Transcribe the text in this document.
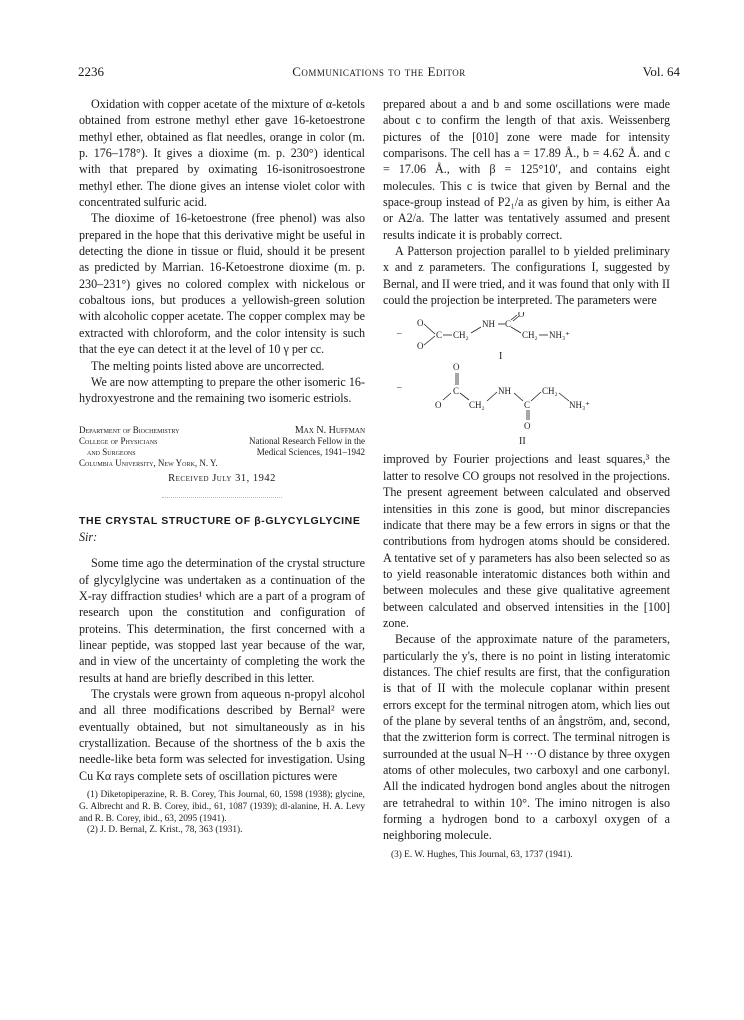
2236	Communications to the Editor	Vol. 64

Oxidation with copper acetate of the mixture of α-ketols obtained from estrone methyl ether gave 16-ketoestrone methyl ether, obtained as flat needles, orange in color (m. p. 176–178°). It gives a dioxime (m. p. 230°) identical with that prepared by oximating 16-isonitrosoestrone methyl ether. The dione gives an intense violet color with concentrated sulfuric acid.

The dioxime of 16-ketoestrone (free phenol) was also prepared in the hope that this derivative might be useful in detecting the dione in tissue or fluid, should it be present as predicted by Marrian. 16-Ketoestrone dioxime (m. p. 230–231°) gives no colored complex with nickelous or cobaltous ions, but produces a yellowish-green solution with alcoholic copper acetate. The copper complex may be extracted with chloroform, and the color intensity is such that the eye can detect it at the level of 10 γ per cc.

The melting points listed above are uncorrected.

We are now attempting to prepare the other isomeric 16-hydroxyestrone and the remaining two isomeric estriols.

Department of Biochemistry	Max N. Huffman
College of Physicians	National Research Fellow in the
and Surgeons	Medical Sciences, 1941–1942
Columbia University, New York, N. Y.
Received July 31, 1942
THE CRYSTAL STRUCTURE OF β-GLYCYLGLYCINE
Sir:

Some time ago the determination of the crystal structure of glycylglycine was undertaken as a continuation of the X-ray diffraction studies¹ which are a part of a program of research upon the constitution and configuration of proteins. This determination, the first concerned with a linear peptide, was stopped last year because of the war, and in view of the uncertainty of completing the work the results at hand are briefly described in this letter.

The crystals were grown from aqueous n-propyl alcohol and all three modifications described by Bernal² were eventually obtained, but not simultaneously as in his crystallization. Because of the shortness of the b axis the needle-like beta form was selected for investigation. Using Cu Kα rays complete sets of oscillation pictures were

(1) Diketopiperazine, R. B. Corey, This Journal, 60, 1598 (1938); glycine, G. Albrecht and R. B. Corey, ibid., 61, 1087 (1939); dl-alanine, H. A. Levy and R. B. Corey, ibid., 63, 2095 (1941).

(2) J. D. Bernal, Z. Krist., 78, 363 (1931).

prepared about a and b and some oscillations were made about c to confirm the length of that axis. Weissenberg pictures of the [010] zone were made for intensity comparisons. The cell has a = 17.89 Å., b = 4.62 Å. and c = 17.06 Å., with β = 125°10′, and contains eight molecules. This c is twice that given by Bernal and the space-group instead of P2₁/a as given by him, is either Aa or A2/a. The latter was tentatively assumed and present results indicate it is probably correct.

A Patterson projection parallel to b yielded preliminary x and z parameters. The configurations I, suggested by Bernal, and II were tried, and it was found that only with II could the projection be interpreted. The parameters were

–
O
O
C CH₂
NH C
O
CH₂ NH₃⁺
I
–
O
C
O	CH₂
NH
C
O
CH₂
NH₃⁺
II

improved by Fourier projections and least squares,³ the latter to resolve CO groups not resolved in the projections. The present agreement between calculated and observed intensities in this zone is good, but minor discrepancies indicate that there may be a few errors in signs or that the contributions from hydrogen atoms should be considered. A tentative set of y parameters has also been selected so as to yield reasonable interatomic distances both within and between molecules and these give qualitative agreement between calculated and observed intensities in the [100] zone.

Because of the approximate nature of the parameters, particularly the y's, there is no point in listing interatomic distances. The chief results are first, that the configuration is that of II with the molecule coplanar within present errors except for the terminal nitrogen atom, which lies out of the plane by several tenths of an ångström, and, second, that the zwitterion form is correct. The terminal nitrogen is surrounded at the usual N–H ···O distance by three oxygen atoms of other molecules, two carboxyl and one carbonyl. All the indicated hydrogen bond angles about the nitrogen are tetrahedral to within 10°. The imino nitrogen is also forming a hydrogen bond to a carboxyl oxygen of a neighboring molecule.

(3) E. W. Hughes, This Journal, 63, 1737 (1941).
